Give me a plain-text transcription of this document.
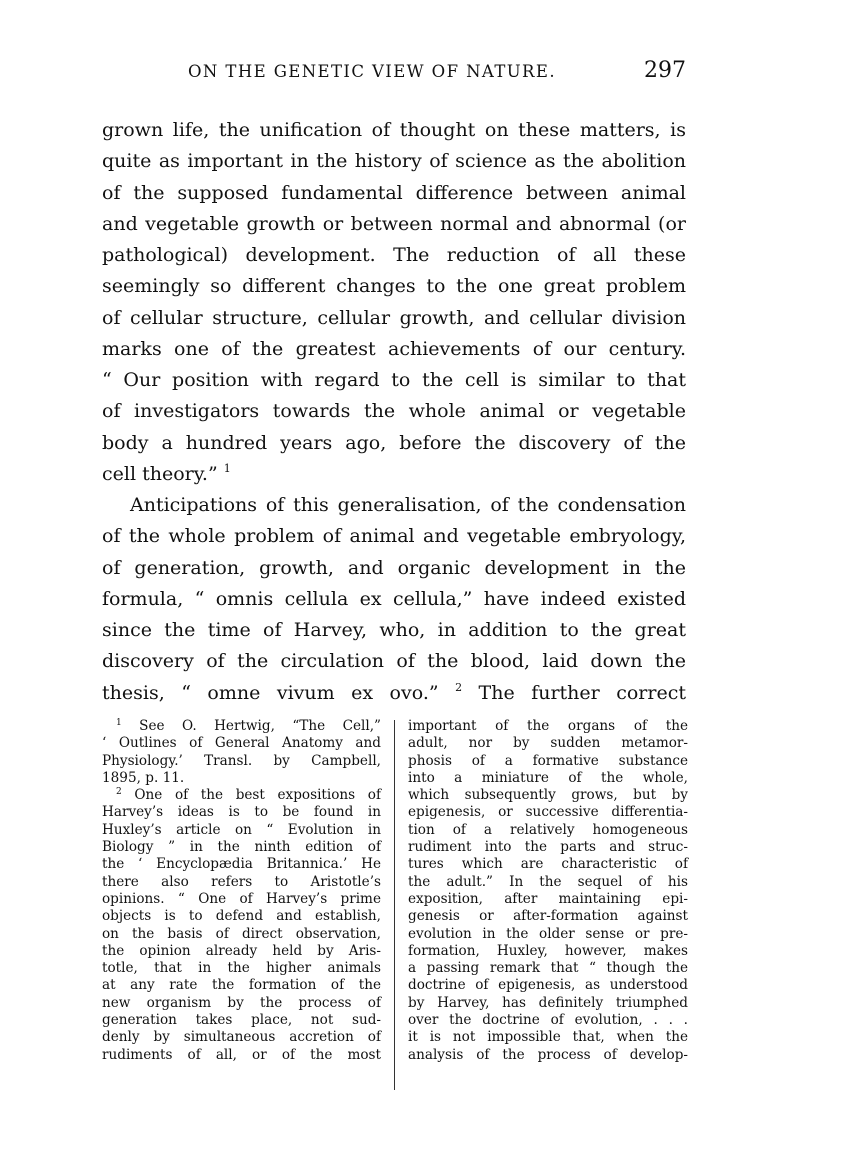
ON THE GENETIC VIEW OF NATURE.	297
grown life, the unification of thought on these matters, is
quite as important in the history of science as the abolition
of the supposed fundamental difference between animal
and vegetable growth or between normal and abnormal (or
pathological) development. The reduction of all these
seemingly so different changes to the one great problem
of cellular structure, cellular growth, and cellular division
marks one of the greatest achievements of our century.
“ Our position with regard to the cell is similar to that
of investigators towards the whole animal or vegetable
body a hundred years ago, before the discovery of the
cell theory.” $^1$
Anticipations of this generalisation, of the condensation
of the whole problem of animal and vegetable embryology,
of generation, growth, and organic development in the
formula, “ omnis cellula ex cellula,” have indeed existed
since the time of Harvey, who, in addition to the great
discovery of the circulation of the blood, laid down the
thesis, “ omne vivum ex ovo.” $^2$ The further correct
$^1$ See O. Hertwig, “The Cell,”
‘ Outlines of General Anatomy and
Physiology.’ Transl. by Campbell,
1895, p. 11.
$^2$ One of the best expositions of
Harvey’s ideas is to be found in
Huxley’s article on “ Evolution in
Biology ” in the ninth edition of
the ‘ Encyclopædia Britannica.’ He
there also refers to Aristotle’s
opinions. “ One of Harvey’s prime
objects is to defend and establish,
on the basis of direct observation,
the opinion already held by Aris-
totle, that in the higher animals
at any rate the formation of the
new organism by the process of
generation takes place, not sud-
denly by simultaneous accretion of
rudiments of all, or of the most
important of the organs of the
adult, nor by sudden metamor-
phosis of a formative substance
into a miniature of the whole,
which subsequently grows, but by
epigenesis, or successive differentia-
tion of a relatively homogeneous
rudiment into the parts and struc-
tures which are characteristic of
the adult.” In the sequel of his
exposition, after maintaining epi-
genesis or after-formation against
evolution in the older sense or pre-
formation, Huxley, however, makes
a passing remark that “ though the
doctrine of epigenesis, as understood
by Harvey, has definitely triumphed
over the doctrine of evolution, . . .
it is not impossible that, when the
analysis of the process of develop-
